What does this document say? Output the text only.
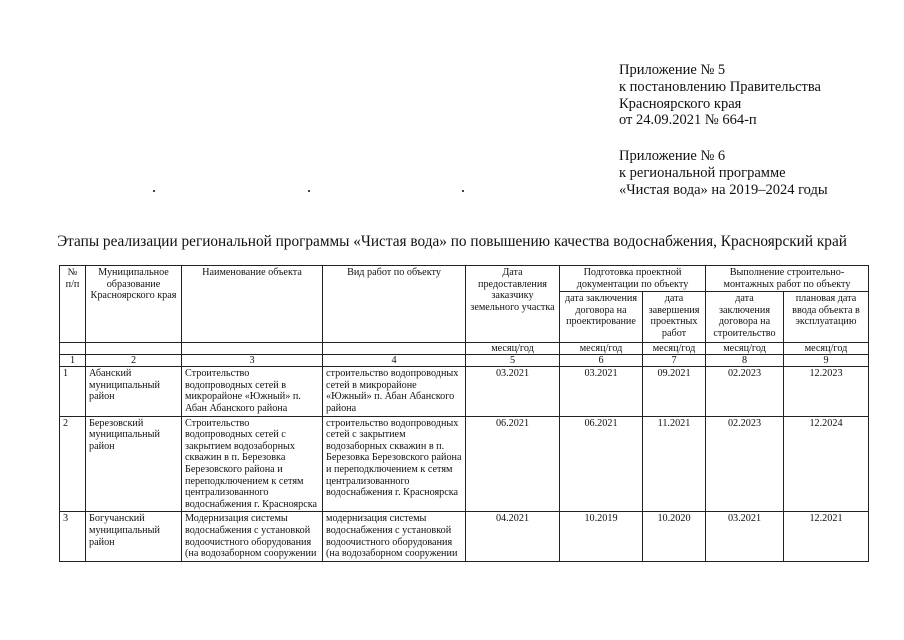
Приложение № 5
к постановлению Правительства
Красноярского края
от 24.09.2021 № 664-п
Приложение № 6
к региональной программе
«Чистая вода» на 2019–2024 годы
Этапы реализации региональной программы «Чистая вода» по повышению качества водоснабжения, Красноярский край
№ п/п	Муниципальное образование Красноярского края	Наименование объекта	Вид работ по объекту	Дата предоставления заказчику земельного участка	Подготовка проектной документации по объекту		Выполнение строительно-монтажных работ по объекту	
					дата заключения договора на проектирование	дата завершения проектных работ	дата заключения договора на строительство	плановая дата ввода объекта в эксплуатацию
				месяц/год	месяц/год	месяц/год	месяц/год	месяц/год
1	2	3	4	5	6	7	8	9
1	Абанский муниципальный район	Строительство водопроводных сетей в микрорайоне «Южный» п. Абан Абанского района	строительство водопроводных сетей в микрорайоне «Южный» п. Абан Абанского района	03.2021	03.2021	09.2021	02.2023	12.2023
2	Березовский муниципальный район	Строительство водопроводных сетей с закрытием водозаборных скважин в п. Березовка Березовского района и переподключением к сетям централизованного водоснабжения г. Красноярска	строительство водопроводных сетей с закрытием водозаборных скважин в п. Березовка Березовского района и переподключением к сетям централизованного водоснабжения г. Красноярска	06.2021	06.2021	11.2021	02.2023	12.2024
3	Богучанский муниципальный район	Модернизация системы водоснабжения с установкой водоочистного оборудования (на водозаборном сооружении	модернизация системы водоснабжения с установкой водоочистного оборудования (на водозаборном сооружении	04.2021	10.2019	10.2020	03.2021	12.2021
